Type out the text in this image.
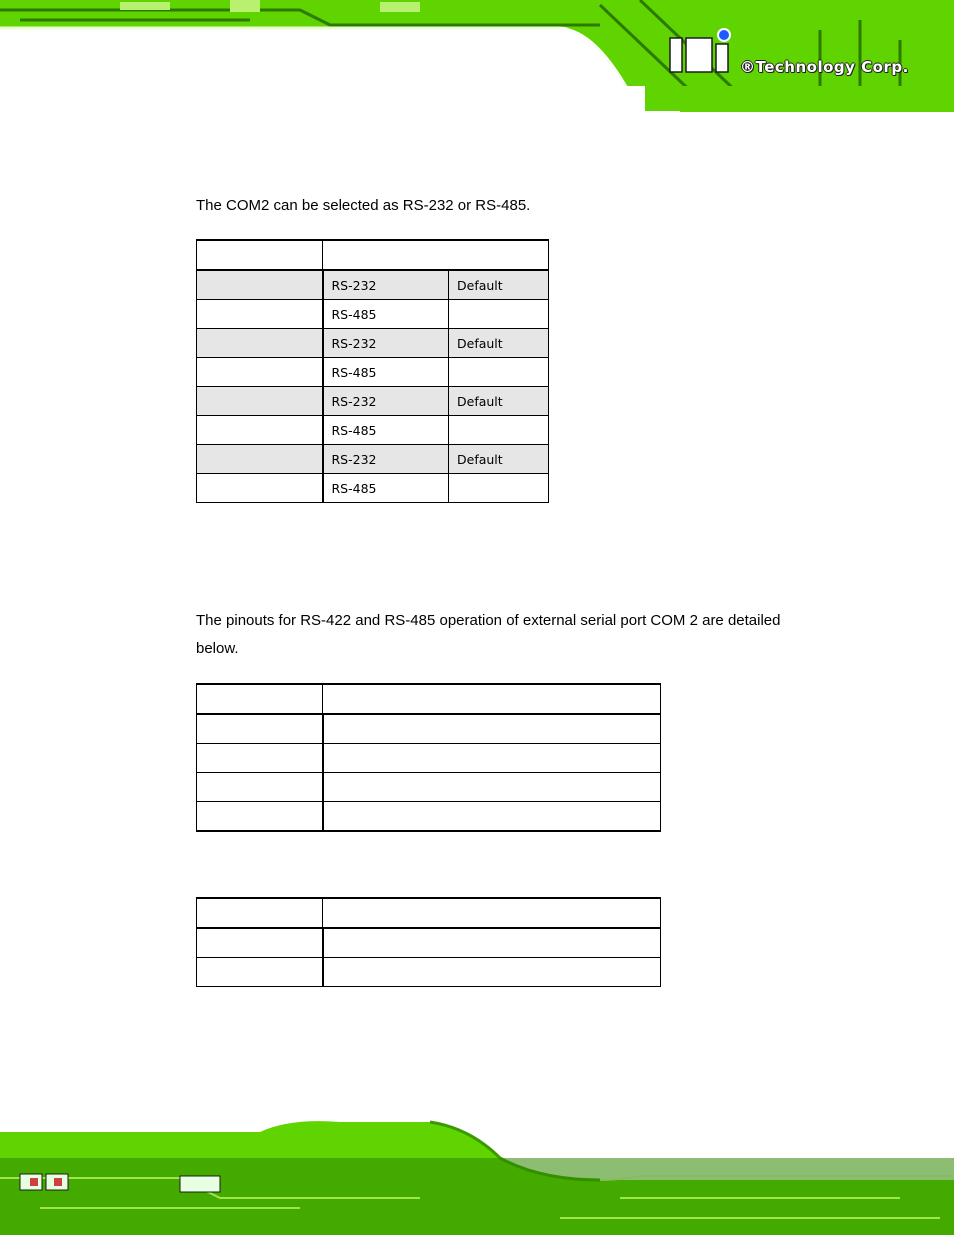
®Technology Corp.

The COM2 can be selected as RS-232 or RS-485.

	RS-232	Default
	RS-485	
	RS-232	Default
	RS-485	
	RS-232	Default
	RS-485	
	RS-232	Default
	RS-485	

The pinouts for RS-422 and RS-485 operation of external serial port COM 2 are detailed below.
